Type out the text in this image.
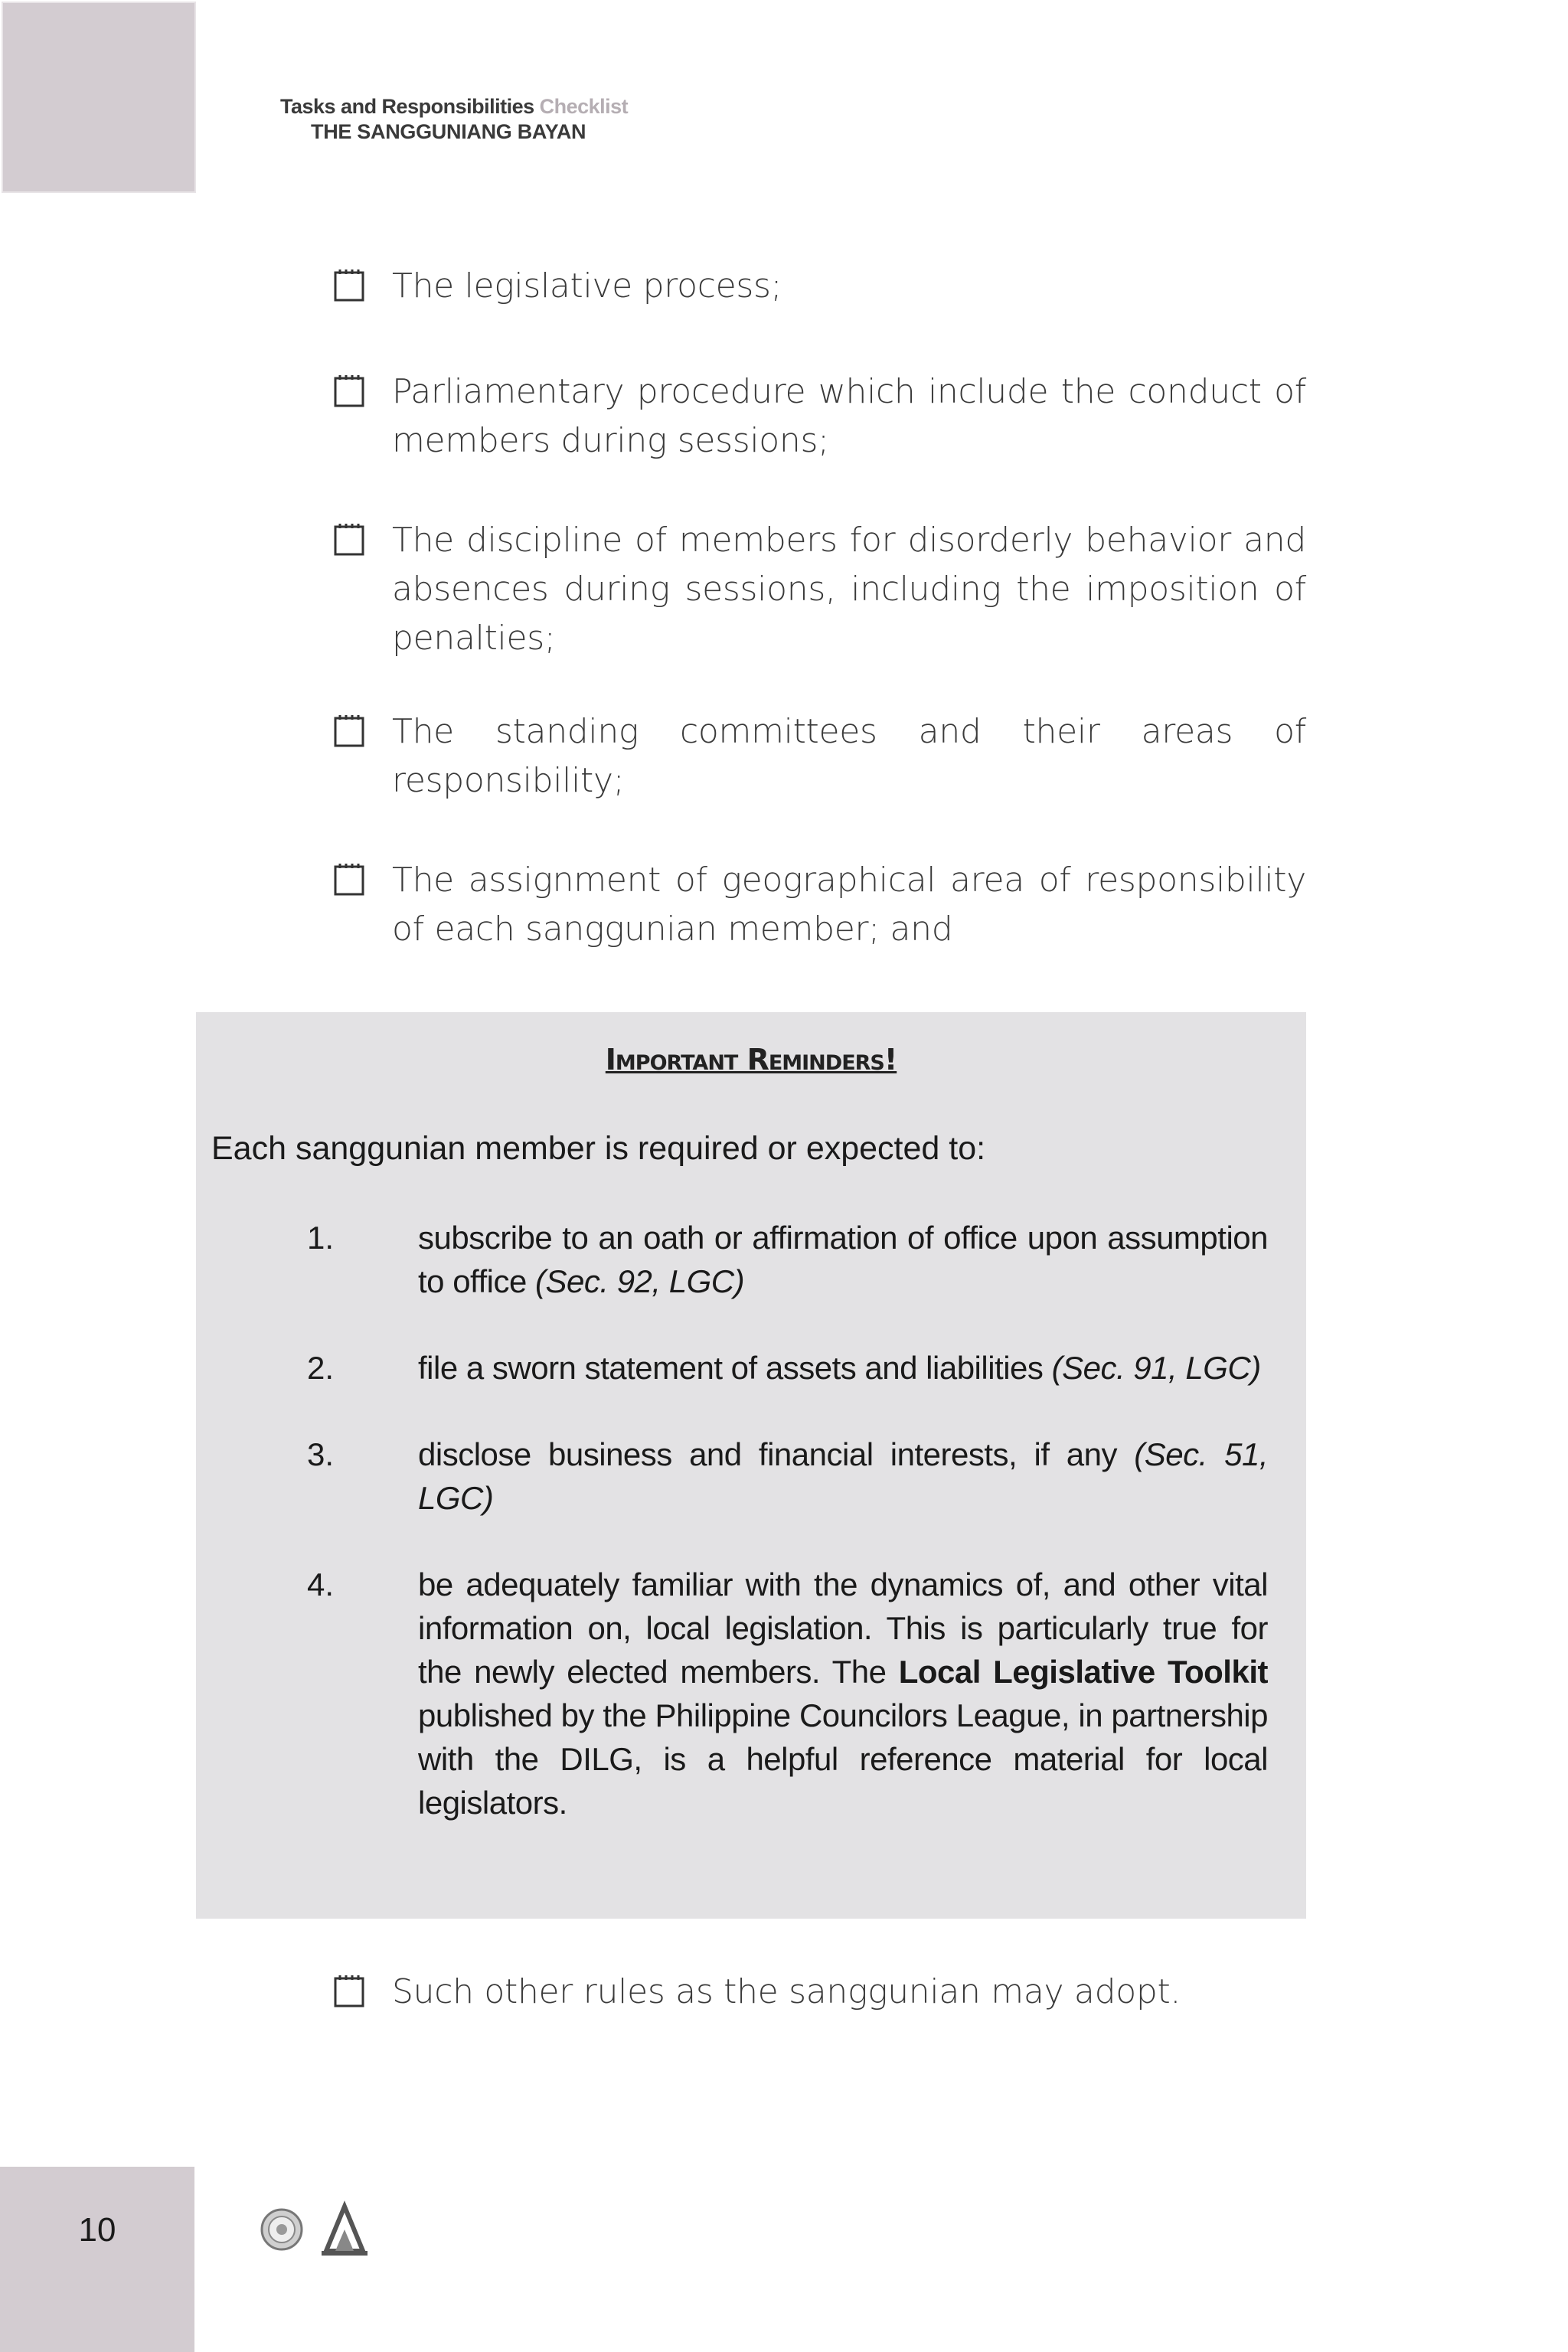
Tasks and Responsibilities Checklist
THE SANGGUNIANG BAYAN
The legislative process;
Parliamentary procedure which include the conduct of members during sessions;
The discipline of members for disorderly behavior and absences during sessions, including the imposition of penalties;
The standing committees and their areas of responsibility;
The assignment of geographical area of responsibility of each sanggunian member; and
Important Reminders!
Each sanggunian member is required or expected to:
1.	subscribe to an oath or affirmation of office upon assumption to office (Sec. 92, LGC)
2.	file a sworn statement of assets and liabilities (Sec. 91, LGC)
3.	disclose business and financial interests, if any (Sec. 51, LGC)
4.	be adequately familiar with the dynamics of, and other vital information on, local legislation. This is particularly true for the newly elected members. The Local Legislative Toolkit published by the Philippine Councilors League, in partnership with the DILG, is a helpful reference material for local legislators.
Such other rules as the sanggunian may adopt.
10
